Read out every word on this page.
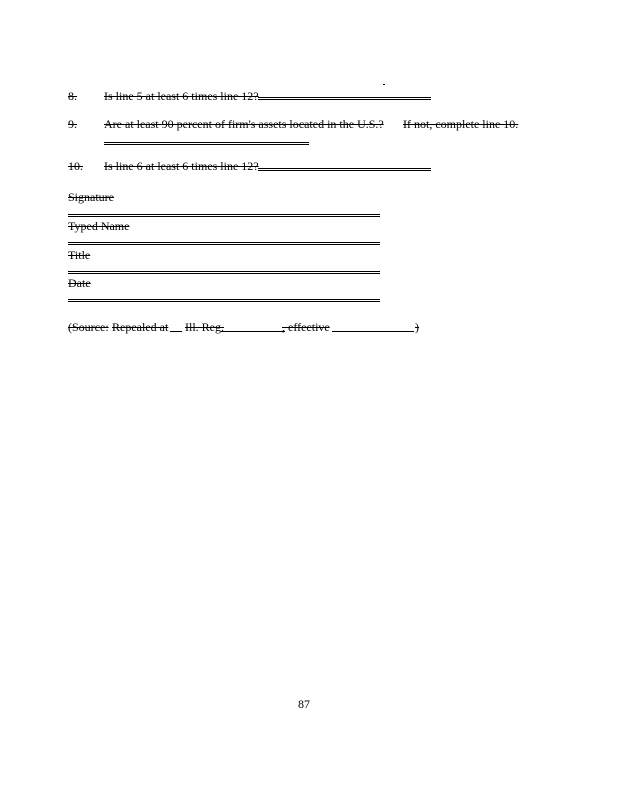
8. Is line 5 at least 6 times line 12?
9. Are at least 90 percent of firm's assets located in the U.S.? If not, complete line 10.
10. Is line 6 at least 6 times line 12?
Signature
Typed Name
Title
Date
(Source: Repealed at Ill. Reg.	, effective	)
87
